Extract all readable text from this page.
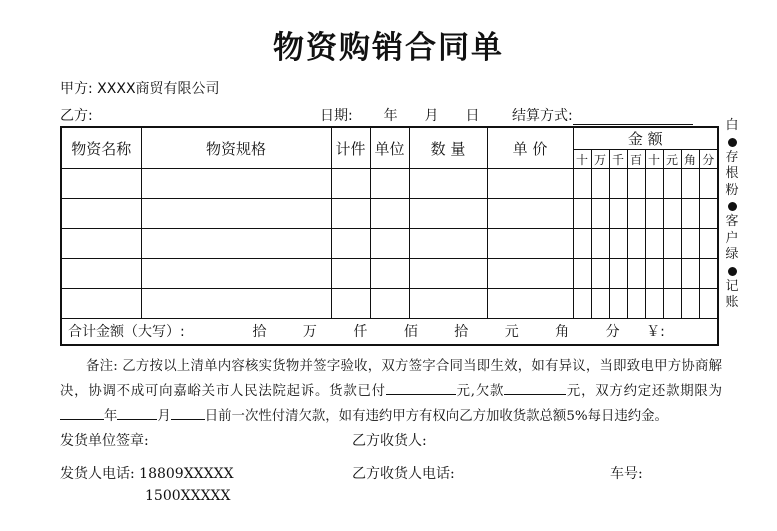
物资购销合同单
甲方: XXXX商贸有限公司
乙方:	日期: 年 月 日 结算方式:
物资名称	物资规格	计件	单位	数 量	单 价	金 额							
						十	万	千	百	十	元	角	分

合计金额（大写）: 拾 万 仟 佰 拾 元 角 分 ￥:													
白
存
根
粉
客
户
绿
记
账
备注: 乙方按以上清单内容核实货物并签字验收，双方签字合同当即生效，如有异议，当即致电甲方协商解决，协调不成可向嘉峪关市人民法院起诉。货款已付	元,欠款	元，双方约定还款期限为年	月	日前一次性付清欠款，如有违约甲方有权向乙方加收货款总额5%每日违约金。
发货单位签章:	乙方收货人:
发货人电话: 18809XXXXX
1500XXXXX
乙方收货人电话:	车号:
